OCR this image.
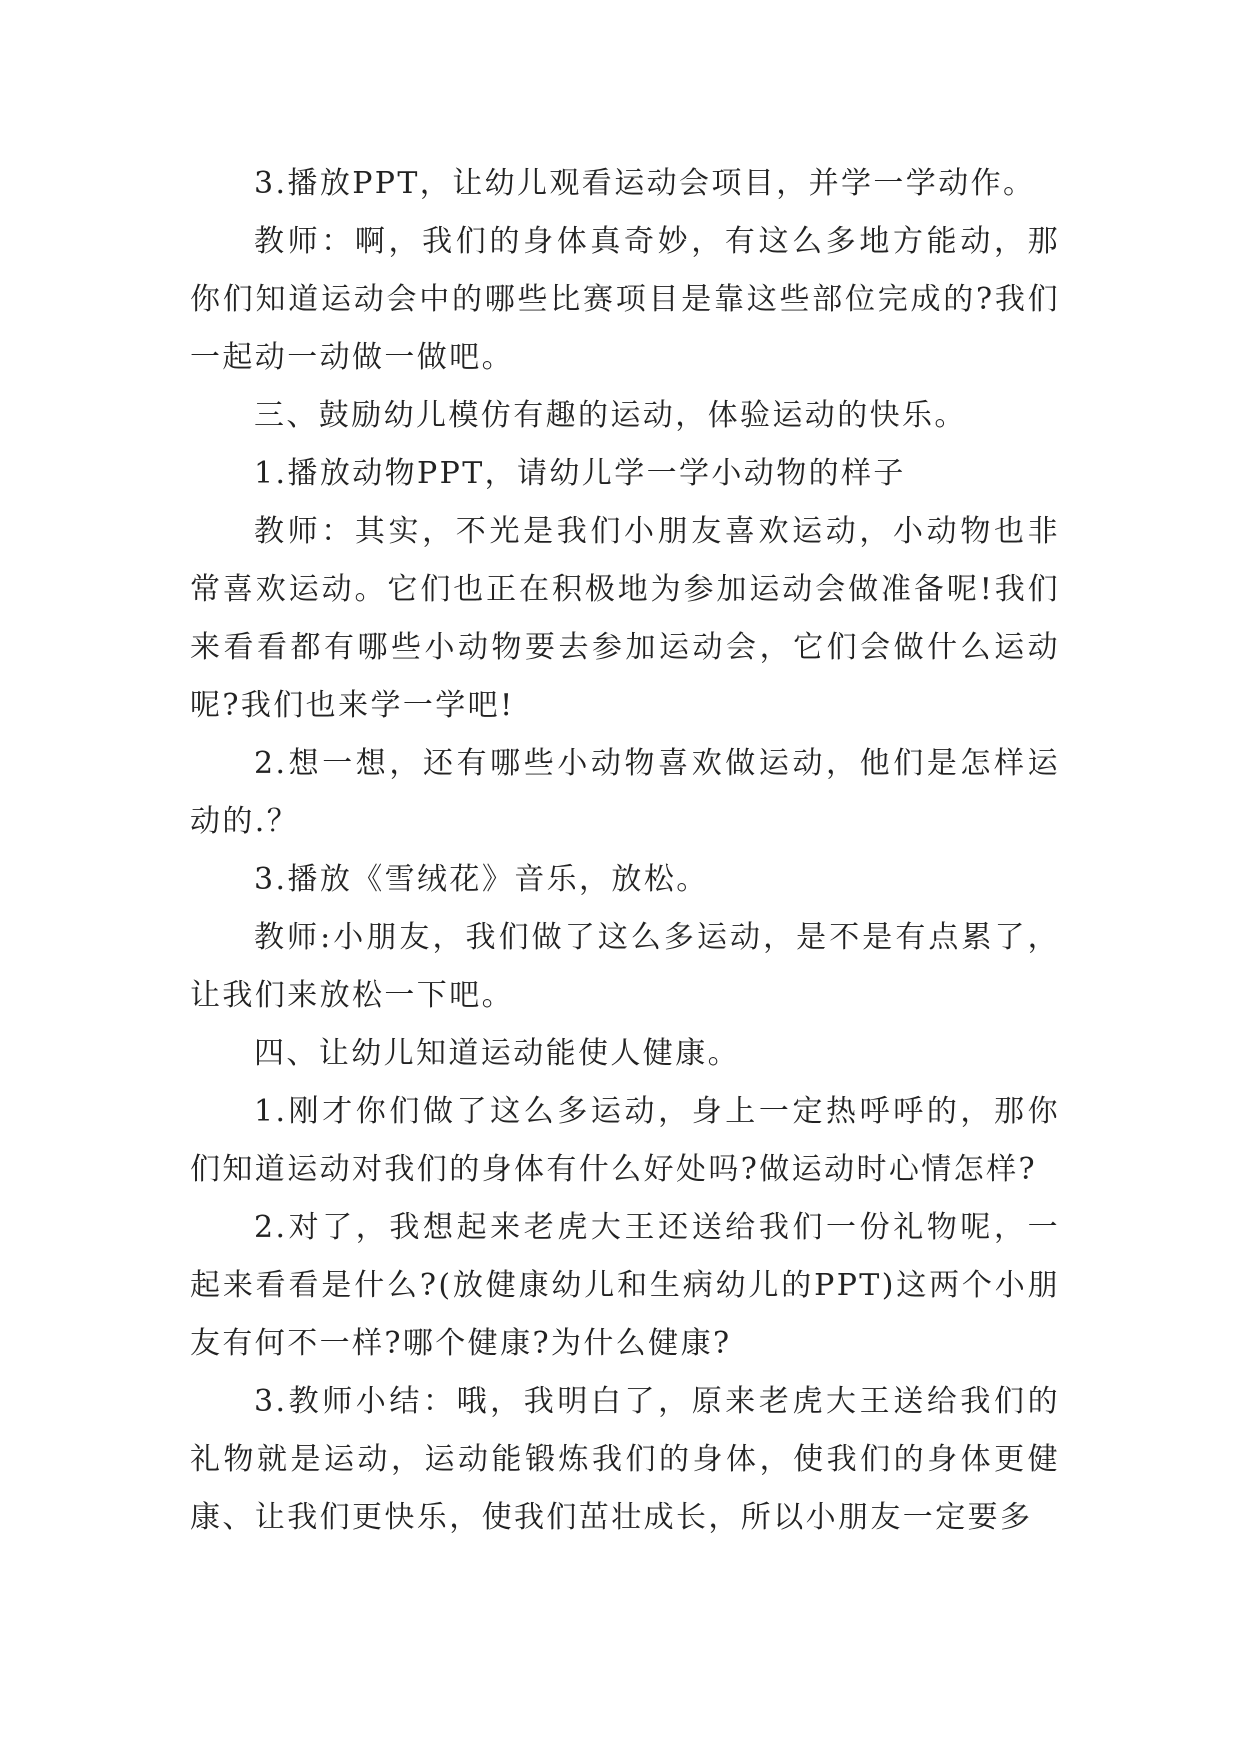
3.播放PPT，让幼儿观看运动会项目，并学一学动作。

教师：啊，我们的身体真奇妙，有这么多地方能动，那你们知道运动会中的哪些比赛项目是靠这些部位完成的?我们一起动一动做一做吧。

三、鼓励幼儿模仿有趣的运动，体验运动的快乐。

1.播放动物PPT，请幼儿学一学小动物的样子

教师：其实，不光是我们小朋友喜欢运动，小动物也非常喜欢运动。它们也正在积极地为参加运动会做准备呢!我们来看看都有哪些小动物要去参加运动会，它们会做什么运动呢?我们也来学一学吧!

2.想一想，还有哪些小动物喜欢做运动，他们是怎样运动的.？

3.播放《雪绒花》音乐，放松。

教师:小朋友，我们做了这么多运动，是不是有点累了，让我们来放松一下吧。

四、让幼儿知道运动能使人健康。

1.刚才你们做了这么多运动，身上一定热呼呼的，那你们知道运动对我们的身体有什么好处吗?做运动时心情怎样?

2.对了，我想起来老虎大王还送给我们一份礼物呢，一起来看看是什么?(放健康幼儿和生病幼儿的PPT)这两个小朋友有何不一样?哪个健康?为什么健康?

3.教师小结：哦，我明白了，原来老虎大王送给我们的礼物就是运动，运动能锻炼我们的身体，使我们的身体更健康、让我们更快乐，使我们茁壮成长，所以小朋友一定要多
